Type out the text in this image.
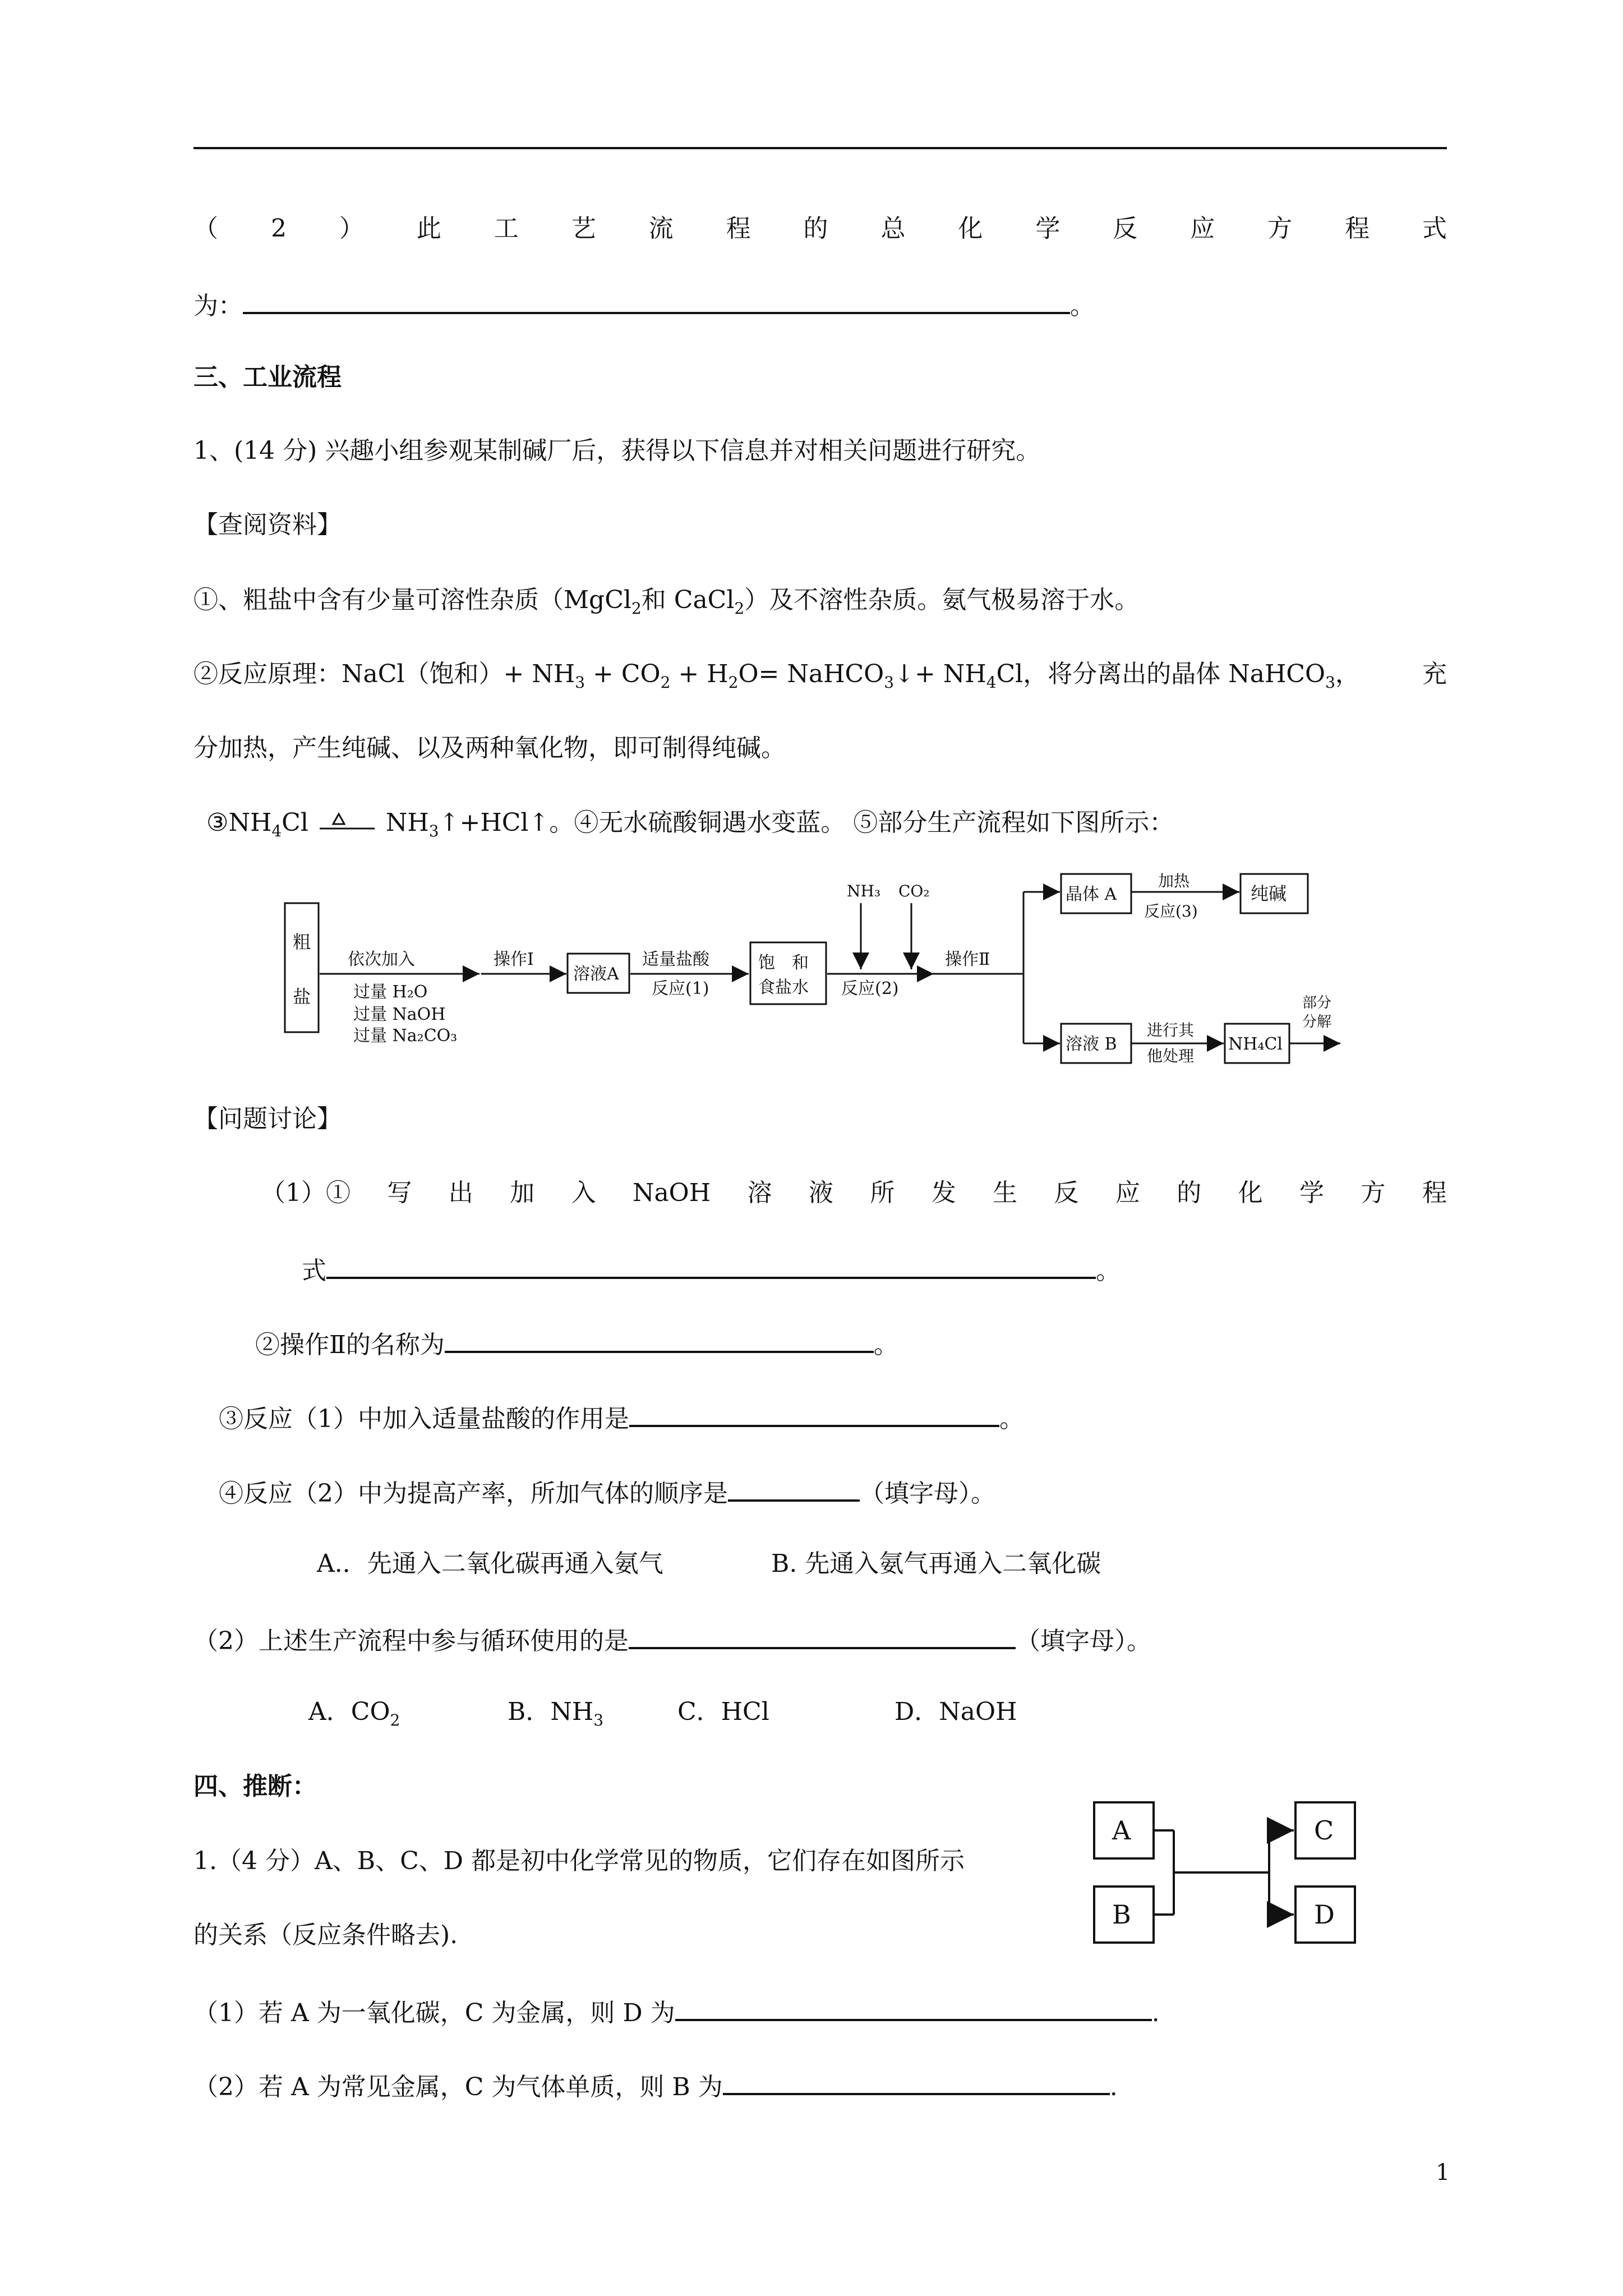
（ 2 ） 此 工 艺 流 程 的 总 化 学 反 应 方 程 式
为：	。
三、工业流程
1、(14 分) 兴趣小组参观某制碱厂后，获得以下信息并对相关问题进行研究。
【查阅资料】
①、粗盐中含有少量可溶性杂质（MgCl$_2$和 CaCl$_2$）及不溶性杂质。氨气极易溶于水。
②反应原理：NaCl（饱和）+ $NH_3 + CO_2 + H_2O=$ NaHCO$_3$↓+ $NH_4Cl$，将分离出的晶体 NaHCO$_3$，	充
分加热，产生纯碱、以及两种氧化物，即可制得纯碱。
$③NH_4Cl$	$NH_3↑+HCl↑$。④无水硫酸铜遇水变蓝。 ⑤部分生产流程如下图所示：
粗
盐
依次加入
过量 H₂O
过量 NaOH
过量 Na₂CO₃
操作Ⅰ
溶液A
适量盐酸
反应(1)
饱　和
食盐水 反应(2)
NH₃ CO₂
操作Ⅱ
晶体 A
加热
反应(3)
纯碱
溶液 B
进行其
他处理
NH₄Cl
部分
分解
【问题讨论】
（1）① 写 出 加 入 NaOH 溶 液 所 发 生 反 应 的 化 学 方 程
式	。
②操作Ⅱ的名称为	。
③反应（1）中加入适量盐酸的作用是	。
④反应（2）中为提高产率，所加气体的顺序是	（填字母）。
A.．先通入二氧化碳再通入氨气	B. 先通入氨气再通入二氧化碳
（2）上述生产流程中参与循环使用的是	（填字母）。
A．$CO_2$	B．$NH_3$	C．HCl	D．NaOH
四、推断：
1.（4 分）A、B、C、D 都是初中化学常见的物质，它们存在如图所示
的关系（反应条件略去).
A
B
C
D
（1）若 A 为一氧化碳，C 为金属，则 D 为	.
（2）若 A 为常见金属，C 为气体单质，则 B 为	.
1
